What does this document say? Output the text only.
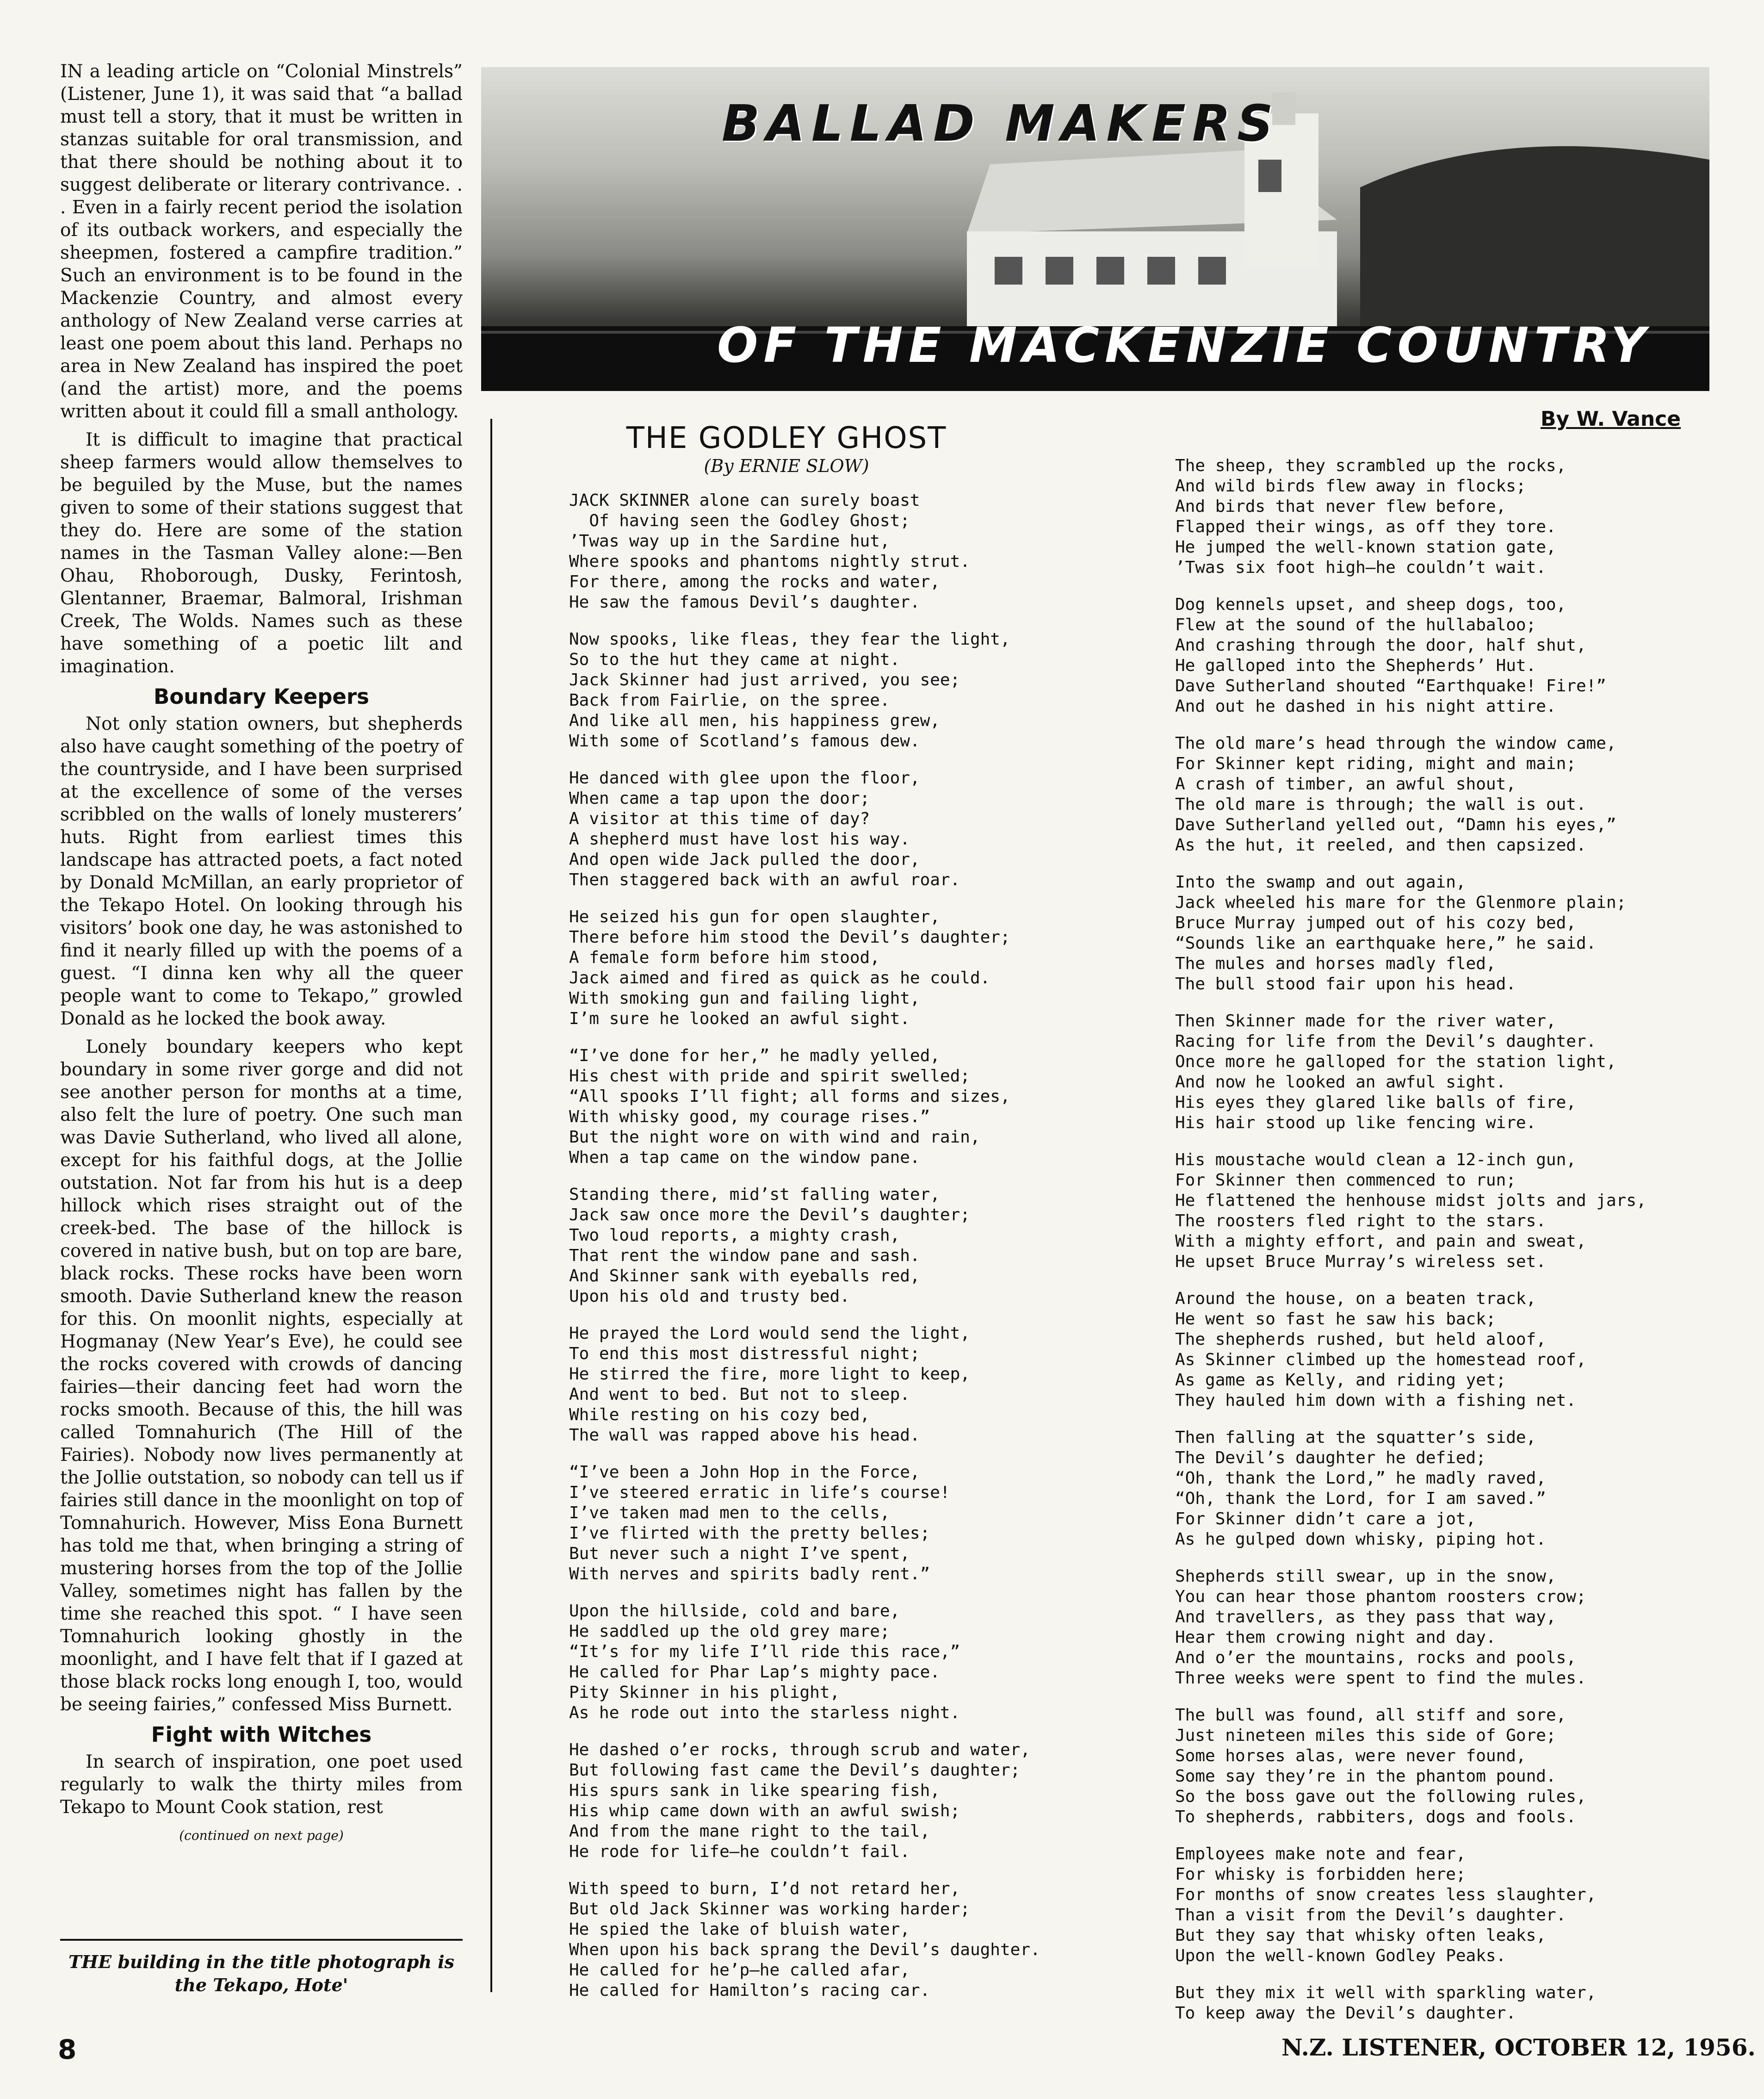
IN a leading article on “Colonial Minstrels” (Listener, June 1), it was said that “a ballad must tell a story, that it must be written in stanzas suitable for oral transmission, and that there should be nothing about it to suggest deliberate or literary contrivance. . . Even in a fairly recent period the isolation of its outback workers, and especially the sheepmen, fostered a campfire tradition.” Such an environment is to be found in the Mackenzie Country, and almost every anthology of New Zealand verse carries at least one poem about this land. Perhaps no area in New Zealand has inspired the poet (and the artist) more, and the poems written about it could fill a small anthology.

It is difficult to imagine that practical sheep farmers would allow themselves to be beguiled by the Muse, but the names given to some of their stations suggest that they do. Here are some of the station names in the Tasman Valley alone:—Ben Ohau, Rhoborough, Dusky, Ferintosh, Glentanner, Braemar, Balmoral, Irishman Creek, The Wolds. Names such as these have something of a poetic lilt and imagination.

Boundary Keepers

Not only station owners, but shepherds also have caught something of the poetry of the countryside, and I have been surprised at the excellence of some of the verses scribbled on the walls of lonely musterers’ huts. Right from earliest times this landscape has attracted poets, a fact noted by Donald McMillan, an early proprietor of the Tekapo Hotel. On looking through his visitors’ book one day, he was astonished to find it nearly filled up with the poems of a guest. “I dinna ken why all the queer people want to come to Tekapo,” growled Donald as he locked the book away.

Lonely boundary keepers who kept boundary in some river gorge and did not see another person for months at a time, also felt the lure of poetry. One such man was Davie Sutherland, who lived all alone, except for his faithful dogs, at the Jollie outstation. Not far from his hut is a deep hillock which rises straight out of the creek-bed. The base of the hillock is covered in native bush, but on top are bare, black rocks. These rocks have been worn smooth. Davie Sutherland knew the reason for this. On moonlit nights, especially at Hogmanay (New Year’s Eve), he could see the rocks covered with crowds of dancing fairies—their dancing feet had worn the rocks smooth. Because of this, the hill was called Tomnahurich (The Hill of the Fairies). Nobody now lives permanently at the Jollie outstation, so nobody can tell us if fairies still dance in the moonlight on top of Tomnahurich. However, Miss Eona Burnett has told me that, when bringing a string of mustering horses from the top of the Jollie Valley, sometimes night has fallen by the time she reached this spot. “ I have seen Tomnahurich looking ghostly in the moonlight, and I have felt that if I gazed at those black rocks long enough I, too, would be seeing fairies,” confessed Miss Burnett.

Fight with Witches

In search of inspiration, one poet used regularly to walk the thirty miles from Tekapo to Mount Cook station, rest

(continued on next page)
THE building in the title photograph is the Tekapo, Hote'
8
BALLAD MAKERS
OF THE MACKENZIE COUNTRY
By W. Vance
THE GODLEY GHOST
(By ERNIE SLOW)
JACK SKINNER alone can surely boast
Of having seen the Godley Ghost;
’Twas way up in the Sardine hut,
Where spooks and phantoms nightly strut.
For there, among the rocks and water,
He saw the famous Devil’s daughter.
Now spooks, like fleas, they fear the light,
So to the hut they came at night.
Jack Skinner had just arrived, you see;
Back from Fairlie, on the spree.
And like all men, his happiness grew,
With some of Scotland’s famous dew.
He danced with glee upon the floor,
When came a tap upon the door;
A visitor at this time of day?
A shepherd must have lost his way.
And open wide Jack pulled the door,
Then staggered back with an awful roar.
He seized his gun for open slaughter,
There before him stood the Devil’s daughter;
A female form before him stood,
Jack aimed and fired as quick as he could.
With smoking gun and failing light,
I’m sure he looked an awful sight.
“I’ve done for her,” he madly yelled,
His chest with pride and spirit swelled;
“All spooks I’ll fight; all forms and sizes,
With whisky good, my courage rises.”
But the night wore on with wind and rain,
When a tap came on the window pane.
Standing there, mid’st falling water,
Jack saw once more the Devil’s daughter;
Two loud reports, a mighty crash,
That rent the window pane and sash.
And Skinner sank with eyeballs red,
Upon his old and trusty bed.
He prayed the Lord would send the light,
To end this most distressful night;
He stirred the fire, more light to keep,
And went to bed. But not to sleep.
While resting on his cozy bed,
The wall was rapped above his head.
“I’ve been a John Hop in the Force,
I’ve steered erratic in life’s course!
I’ve taken mad men to the cells,
I’ve flirted with the pretty belles;
But never such a night I’ve spent,
With nerves and spirits badly rent.”
Upon the hillside, cold and bare,
He saddled up the old grey mare;
“It’s for my life I’ll ride this race,”
He called for Phar Lap’s mighty pace.
Pity Skinner in his plight,
As he rode out into the starless night.
He dashed o’er rocks, through scrub and water,
But following fast came the Devil’s daughter;
His spurs sank in like spearing fish,
His whip came down with an awful swish;
And from the mane right to the tail,
He rode for life—he couldn’t fail.
With speed to burn, I’d not retard her,
But old Jack Skinner was working harder;
He spied the lake of bluish water,
When upon his back sprang the Devil’s daughter.
He called for he’p—he called afar,
He called for Hamilton’s racing car.
The sheep, they scrambled up the rocks,
And wild birds flew away in flocks;
And birds that never flew before,
Flapped their wings, as off they tore.
He jumped the well-known station gate,
’Twas six foot high—he couldn’t wait.
Dog kennels upset, and sheep dogs, too,
Flew at the sound of the hullabaloo;
And crashing through the door, half shut,
He galloped into the Shepherds’ Hut.
Dave Sutherland shouted “Earthquake! Fire!”
And out he dashed in his night attire.
The old mare’s head through the window came,
For Skinner kept riding, might and main;
A crash of timber, an awful shout,
The old mare is through; the wall is out.
Dave Sutherland yelled out, “Damn his eyes,”
As the hut, it reeled, and then capsized.
Into the swamp and out again,
Jack wheeled his mare for the Glenmore plain;
Bruce Murray jumped out of his cozy bed,
“Sounds like an earthquake here,” he said.
The mules and horses madly fled,
The bull stood fair upon his head.
Then Skinner made for the river water,
Racing for life from the Devil’s daughter.
Once more he galloped for the station light,
And now he looked an awful sight.
His eyes they glared like balls of fire,
His hair stood up like fencing wire.
His moustache would clean a 12-inch gun,
For Skinner then commenced to run;
He flattened the henhouse midst jolts and jars,
The roosters fled right to the stars.
With a mighty effort, and pain and sweat,
He upset Bruce Murray’s wireless set.
Around the house, on a beaten track,
He went so fast he saw his back;
The shepherds rushed, but held aloof,
As Skinner climbed up the homestead roof,
As game as Kelly, and riding yet;
They hauled him down with a fishing net.
Then falling at the squatter’s side,
The Devil’s daughter he defied;
“Oh, thank the Lord,” he madly raved,
“Oh, thank the Lord, for I am saved.”
For Skinner didn’t care a jot,
As he gulped down whisky, piping hot.
Shepherds still swear, up in the snow,
You can hear those phantom roosters crow;
And travellers, as they pass that way,
Hear them crowing night and day.
And o’er the mountains, rocks and pools,
Three weeks were spent to find the mules.
The bull was found, all stiff and sore,
Just nineteen miles this side of Gore;
Some horses alas, were never found,
Some say they’re in the phantom pound.
So the boss gave out the following rules,
To shepherds, rabbiters, dogs and fools.
Employees make note and fear,
For whisky is forbidden here;
For months of snow creates less slaughter,
Than a visit from the Devil’s daughter.
But they say that whisky often leaks,
Upon the well-known Godley Peaks.
But they mix it well with sparkling water,
To keep away the Devil’s daughter.
N.Z. LISTENER, OCTOBER 12, 1956.
